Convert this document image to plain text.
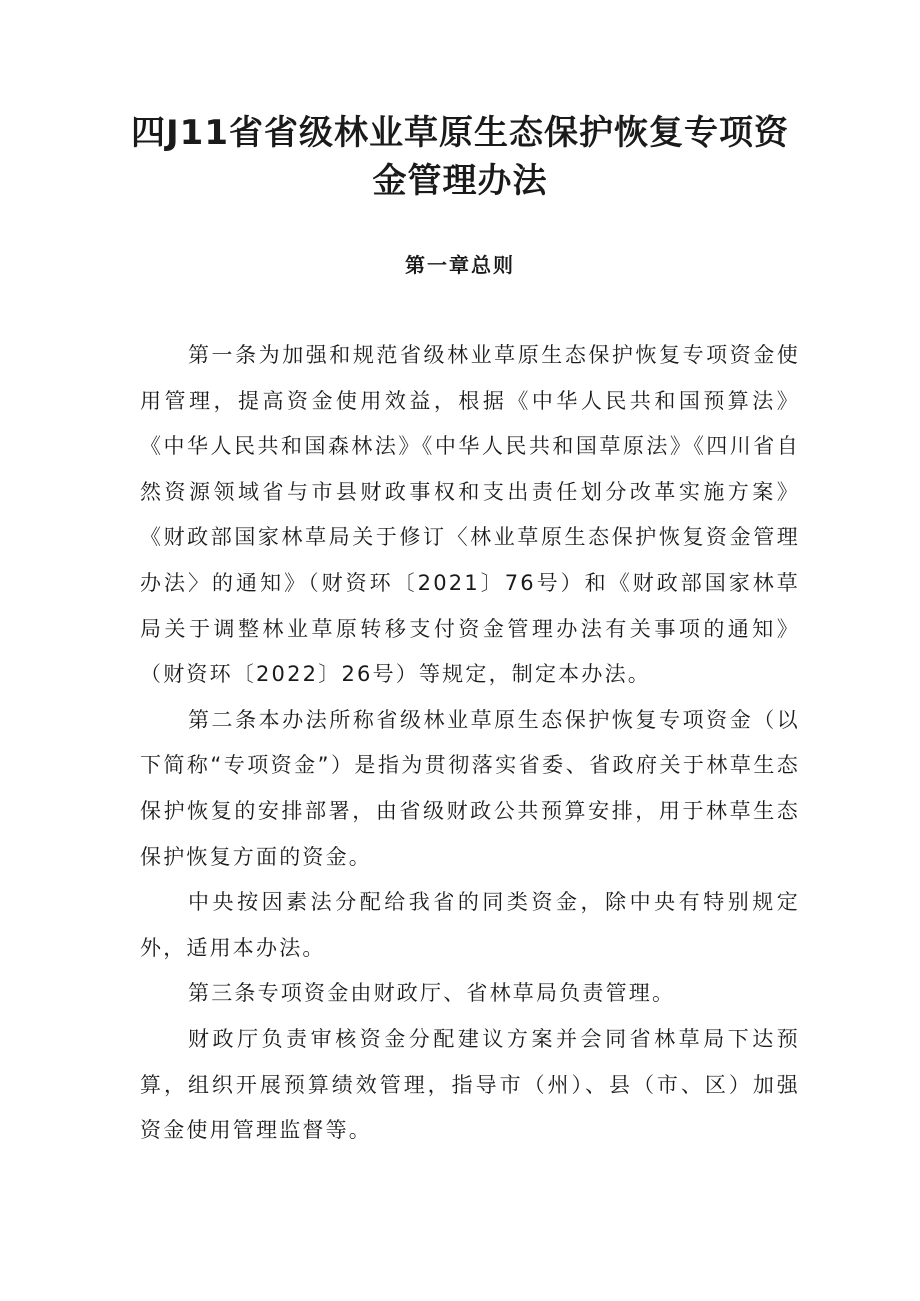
四J11省省级林业草原生态保护恢复专项资
金管理办法
第一章总则

第一条为加强和规范省级林业草原生态保护恢复专项资金使用管理，提高资金使用效益，根据《中华人民共和国预算法》《中华人民共和国森林法》《中华人民共和国草原法》《四川省自然资源领域省与市县财政事权和支出责任划分改革实施方案》《财政部国家林草局关于修订〈林业草原生态保护恢复资金管理办法〉的通知》（财资环〔2021〕76号）和《财政部国家林草局关于调整林业草原转移支付资金管理办法有关事项的通知》（财资环〔2022〕26号）等规定，制定本办法。

第二条本办法所称省级林业草原生态保护恢复专项资金（以下简称“专项资金”）是指为贯彻落实省委、省政府关于林草生态保护恢复的安排部署，由省级财政公共预算安排，用于林草生态保护恢复方面的资金。

中央按因素法分配给我省的同类资金，除中央有特别规定外，适用本办法。

第三条专项资金由财政厅、省林草局负责管理。

财政厅负责审核资金分配建议方案并会同省林草局下达预算，组织开展预算绩效管理，指导市（州）、县（市、区）加强资金使用管理监督等。
